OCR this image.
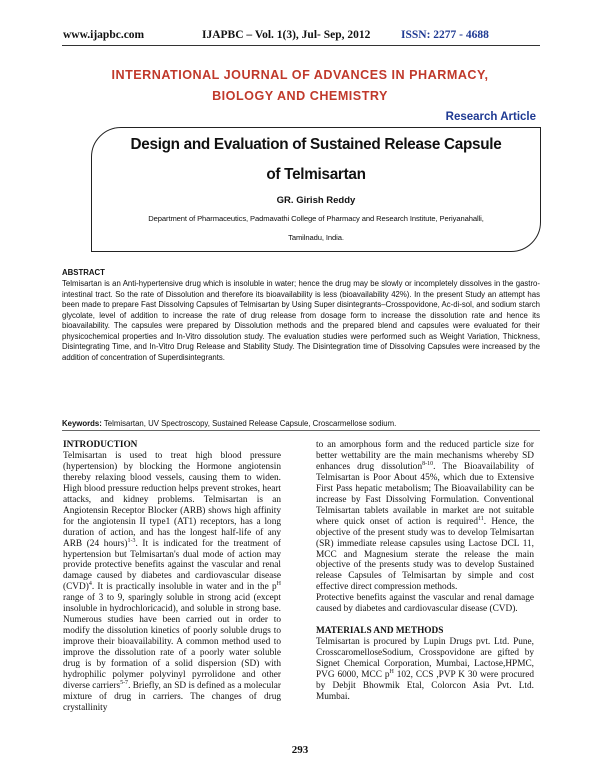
www.ijapbc.com	IJAPBC – Vol. 1(3), Jul- Sep, 2012	ISSN: 2277 - 4688
INTERNATIONAL JOURNAL OF ADVANCES IN PHARMACY,
BIOLOGY AND CHEMISTRY
Research Article
Design and Evaluation of Sustained Release Capsule
of Telmisartan
GR. Girish Reddy
Department of Pharmaceutics, Padmavathi College of Pharmacy and Research Institute, Periyanahalli,
Tamilnadu, India.
ABSTRACT
Telmisartan is an Anti-hypertensive drug which is insoluble in water; hence the drug may be slowly or incompletely dissolves in the gastro-intestinal tract. So the rate of Dissolution and therefore its bioavailability is less (bioavailability 42%). In the present Study an attempt has been made to prepare Fast Dissolving Capsules of Telmisartan by Using Super disintegrants–Crosspovidone, Ac-di-sol, and sodium starch glycolate, level of addition to increase the rate of drug release from dosage form to increase the dissolution rate and hence its bioavailability. The capsules were prepared by Dissolution methods and the prepared blend and capsules were evaluated for their physicochemical properties and In-Vitro dissolution study. The evaluation studies were performed such as Weight Variation, Thickness, Disintegrating Time, and In-Vitro Drug Release and Stability Study. The Disintegration time of Dissolving Capsules were increased by the addition of concentration of Superdisintegrants.
Keywords: Telmisartan, UV Spectroscopy, Sustained Release Capsule, Croscarmellose sodium.

INTRODUCTION

Telmisartan is used to treat high blood pressure (hypertension) by blocking the Hormone angiotensin thereby relaxing blood vessels, causing them to widen. High blood pressure reduction helps prevent strokes, heart attacks, and kidney problems. Telmisartan is an Angiotensin Receptor Blocker (ARB) shows high affinity for the angiotensin II type1 (AT1) receptors, has a long duration of action, and has the longest half-life of any ARB (24 hours)$^{1-3}$. It is indicated for the treatment of hypertension but Telmisartan's dual mode of action may provide protective benefits against the vascular and renal damage caused by diabetes and cardiovascular disease (CVD)$^4$. It is practically insoluble in water and in the $p^H$ range of 3 to 9, sparingly soluble in strong acid (except insoluble in hydrochloricacid), and soluble in strong base. Numerous studies have been carried out in order to modify the dissolution kinetics of poorly soluble drugs to improve their bioavailability. A common method used to improve the dissolution rate of a poorly water soluble drug is by formation of a solid dispersion (SD) with hydrophilic polymer polyvinyl pyrrolidone and other diverse carriers$^{5-7}$. Briefly, an SD is defined as a molecular mixture of drug in carriers. The changes of drug crystallinity

to an amorphous form and the reduced particle size for better wettability are the main mechanisms whereby SD enhances drug dissolution$^{8-10}$. The Bioavailability of Telmisartan is Poor About 45%, which due to Extensive First Pass hepatic metabolism; The Bioavailability can be increase by Fast Dissolving Formulation. Conventional Telmisartan tablets available in market are not suitable where quick onset of action is required$^{11}$. Hence, the objective of the present study was to develop Telmisartan (SR) immediate release capsules using Lactose DCL 11, MCC and Magnesium sterate the release the main objective of the presents study was to develop Sustained release Capsules of Telmisartan by simple and cost effective direct compression methods.

Protective benefits against the vascular and renal damage caused by diabetes and cardiovascular disease (CVD).

MATERIALS AND METHODS

Telmisartan is procured by Lupin Drugs pvt. Ltd. Pune, CrosscaromelloseSodium, Crosspovidone are gifted by Signet Chemical Corporation, Mumbai, Lactose,HPMC, PVG 6000, MCC $p^H$ 102, CCS ,PVP K 30 were procured by Debjit Bhowmik Etal, Colorcon Asia Pvt. Ltd. Mumbai.

293
